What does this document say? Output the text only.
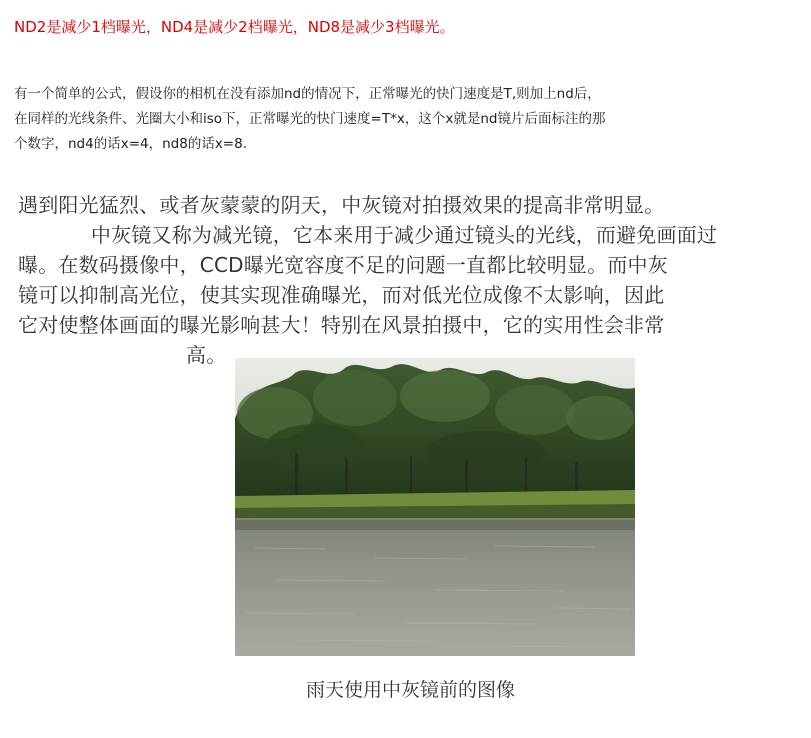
ND2是减少1档曝光，ND4是减少2档曝光，ND8是减少3档曝光。

有一个简单的公式，假设你的相机在没有添加nd的情况下，正常曝光的快门速度是T,则加上nd后，

在同样的光线条件、光圈大小和iso下，正常曝光的快门速度=T*x，这个x就是nd镜片后面标注的那

个数字，nd4的话x=4，nd8的话x=8.

遇到阳光猛烈、或者灰蒙蒙的阴天，中灰镜对拍摄效果的提高非常明显。

中灰镜又称为减光镜，它本来用于减少通过镜头的光线，而避免画面过

曝。在数码摄像中，CCD曝光宽容度不足的问题一直都比较明显。而中灰

镜可以抑制高光位，使其实现准确曝光，而对低光位成像不太影响，因此

它对使整体画面的曝光影响甚大！特别在风景拍摄中，它的实用性会非常

高。

雨天使用中灰镜前的图像
